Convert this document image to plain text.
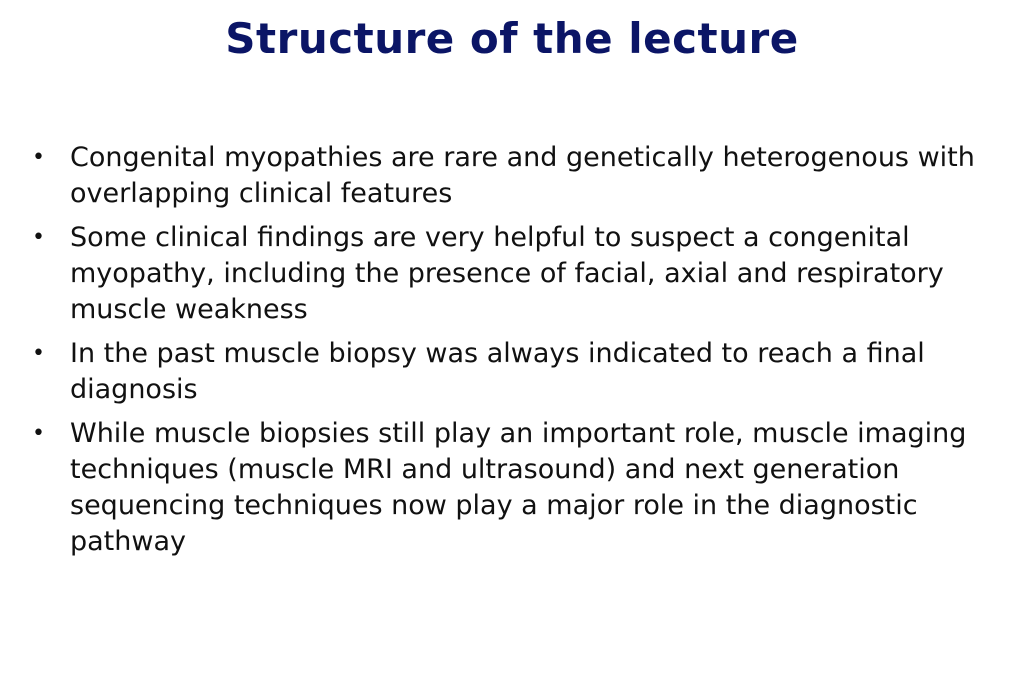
Structure of the lecture
• Congenital myopathies are rare and genetically heterogenous with overlapping clinical features
• Some clinical findings are very helpful to suspect a congenital myopathy, including the presence of facial, axial and respiratory muscle weakness
• In the past muscle biopsy was always indicated to reach a final diagnosis
• While muscle biopsies still play an important role, muscle imaging techniques (muscle MRI and ultrasound) and next generation sequencing techniques now play a major role in the diagnostic pathway
